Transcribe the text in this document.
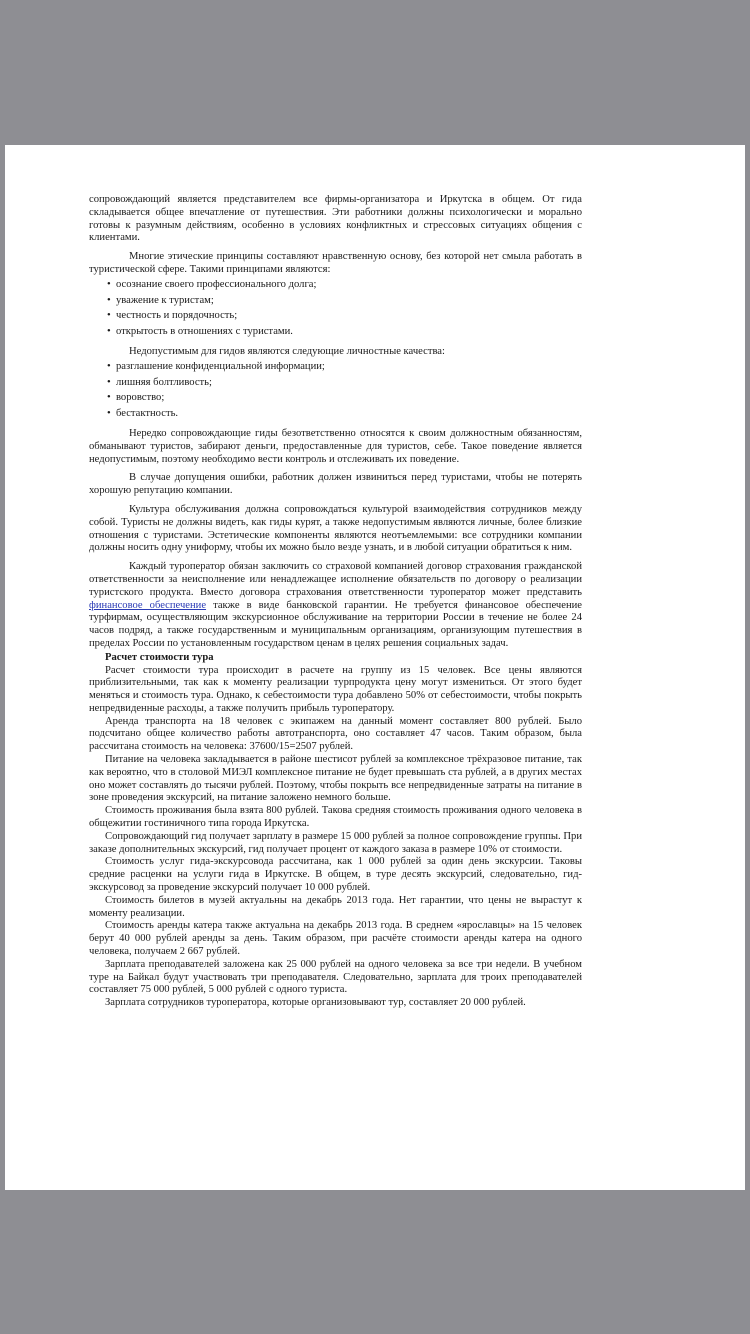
сопровождающий является представителем все фирмы-организатора и Иркутска в общем. От гида складывается общее впечатление от путешествия. Эти работники должны психологически и морально готовы к разумным действиям, особенно в условиях конфликтных и стрессовых ситуациях общения с клиентами.

Многие этические принципы составляют нравственную основу, без которой нет смыла работать в туристической сфере. Такими принципами являются:

• осознание своего профессионального долга;
• уважение к туристам;
• честность и порядочность;
• открытость в отношениях с туристами.

Недопустимым для гидов являются следующие личностные качества:

• разглашение конфиденциальной информации;
• лишняя болтливость;
• воровство;
• бестактность.

Нередко сопровождающие гиды безответственно относятся к своим должностным обязанностям, обманывают туристов, забирают деньги, предоставленные для туристов, себе. Такое поведение является недопустимым, поэтому необходимо вести контроль и отслеживать их поведение.

В случае допущения ошибки, работник должен извиниться перед туристами, чтобы не потерять хорошую репутацию компании.

Культура обслуживания должна сопровождаться культурой взаимодействия сотрудников между собой. Туристы не должны видеть, как гиды курят, а также недопустимым являются личные, более близкие отношения с туристами. Эстетические компоненты являются неотъемлемыми: все сотрудники компании должны носить одну униформу, чтобы их можно было везде узнать, и в любой ситуации обратиться к ним.

Каждый туроператор обязан заключить со страховой компанией договор страхования гражданской ответственности за неисполнение или ненадлежащее исполнение обязательств по договору о реализации туристского продукта. Вместо договора страхования ответственности туроператор может представить финансовое обеспечение также в виде банковской гарантии. Не требуется финансовое обеспечение турфирмам, осуществляющим экскурсионное обслуживание на территории России в течение не более 24 часов подряд, а также государственным и муниципальным организациям, организующим путешествия в пределах России по установленным государством ценам в целях решения социальных задач.

Расчет стоимости тура

Расчет стоимости тура происходит в расчете на группу из 15 человек. Все цены являются приблизительными, так как к моменту реализации турпродукта цену могут измениться. От этого будет меняться и стоимость тура. Однако, к себестоимости тура добавлено 50% от себестоимости, чтобы покрыть непредвиденные расходы, а также получить прибыль туроператору.

Аренда транспорта на 18 человек с экипажем на данный момент составляет 800 рублей. Было подсчитано общее количество работы автотранспорта, оно составляет 47 часов. Таким образом, была рассчитана стоимость на человека: 37600/15=2507 рублей.

Питание на человека закладывается в районе шестисот рублей за комплексное трёхразовое питание, так как вероятно, что в столовой МИЭЛ комплексное питание не будет превышать ста рублей, а в других местах оно может составлять до тысячи рублей. Поэтому, чтобы покрыть все непредвиденные затраты на питание в зоне проведения экскурсий, на питание заложено немного больше.

Стоимость проживания была взята 800 рублей. Такова средняя стоимость проживания одного человека в общежитии гостиничного типа города Иркутска.

Сопровождающий гид получает зарплату в размере 15 000 рублей за полное сопровождение группы. При заказе дополнительных экскурсий, гид получает процент от каждого заказа в размере 10% от стоимости.

Стоимость услуг гида-экскурсовода рассчитана, как 1 000 рублей за один день экскурсии. Таковы средние расценки на услуги гида в Иркутске. В общем, в туре десять экскурсий, следовательно, гид-экскурсовод за проведение экскурсий получает 10 000 рублей.

Стоимость билетов в музей актуальны на декабрь 2013 года. Нет гарантии, что цены не вырастут к моменту реализации.

Стоимость аренды катера также актуальна на декабрь 2013 года. В среднем «ярославцы» на 15 человек берут 40 000 рублей аренды за день. Таким образом, при расчёте стоимости аренды катера на одного человека, получаем 2 667 рублей.

Зарплата преподавателей заложена как 25 000 рублей на одного человека за все три недели. В учебном туре на Байкал будут участвовать три преподавателя. Следовательно, зарплата для троих преподавателей составляет 75 000 рублей, 5 000 рублей с одного туриста.

Зарплата сотрудников туроператора, которые организовывают тур, составляет 20 000 рублей.
